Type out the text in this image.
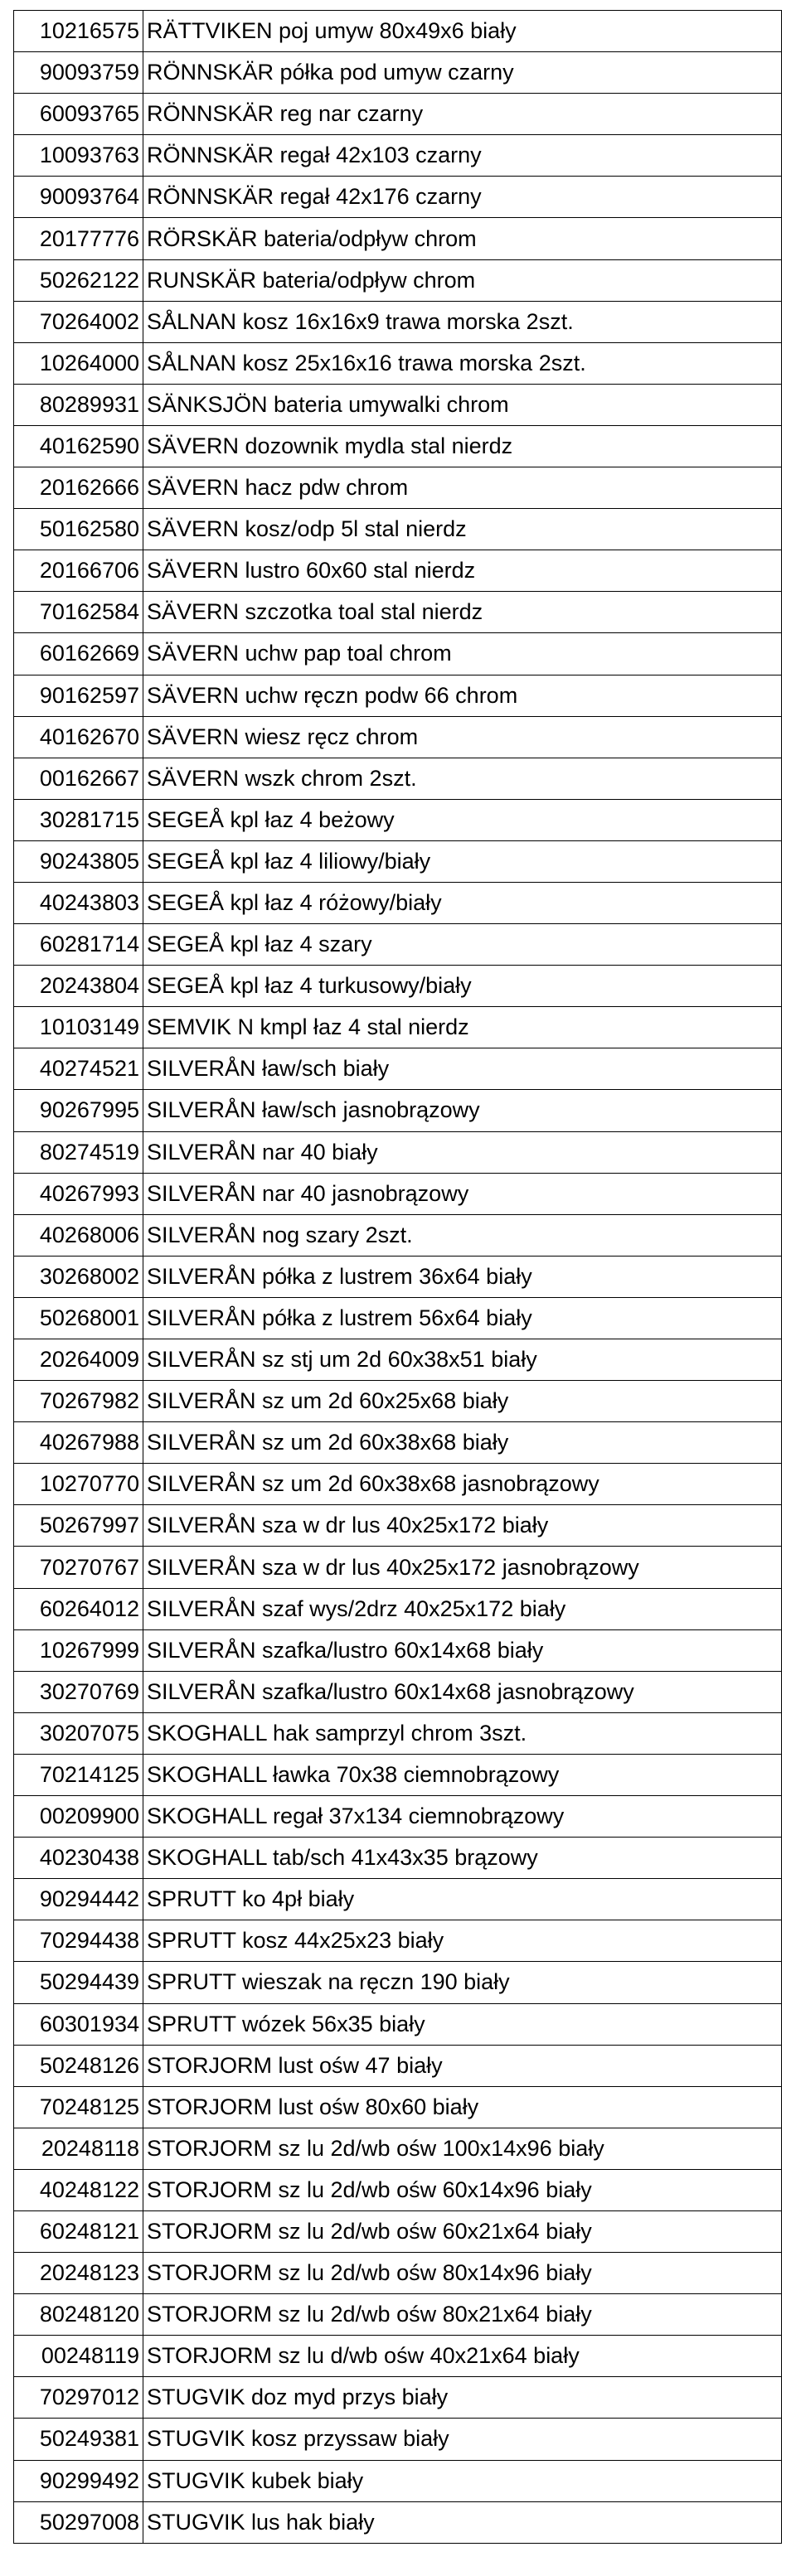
10216575	RÄTTVIKEN poj umyw 80x49x6 biały
90093759	RÖNNSKÄR półka pod umyw czarny
60093765	RÖNNSKÄR reg nar czarny
10093763	RÖNNSKÄR regał 42x103 czarny
90093764	RÖNNSKÄR regał 42x176 czarny
20177776	RÖRSKÄR bateria/odpływ chrom
50262122	RUNSKÄR bateria/odpływ chrom
70264002	SÅLNAN kosz 16x16x9 trawa morska 2szt.
10264000	SÅLNAN kosz 25x16x16 trawa morska 2szt.
80289931	SÄNKSJÖN bateria umywalki chrom
40162590	SÄVERN dozownik mydla stal nierdz
20162666	SÄVERN hacz pdw chrom
50162580	SÄVERN kosz/odp 5l stal nierdz
20166706	SÄVERN lustro 60x60 stal nierdz
70162584	SÄVERN szczotka toal stal nierdz
60162669	SÄVERN uchw pap toal chrom
90162597	SÄVERN uchw ręczn podw 66 chrom
40162670	SÄVERN wiesz ręcz chrom
00162667	SÄVERN wszk chrom 2szt.
30281715	SEGEÅ kpl łaz 4 beżowy
90243805	SEGEÅ kpl łaz 4 liliowy/biały
40243803	SEGEÅ kpl łaz 4 różowy/biały
60281714	SEGEÅ kpl łaz 4 szary
20243804	SEGEÅ kpl łaz 4 turkusowy/biały
10103149	SEMVIK N kmpl łaz 4 stal nierdz
40274521	SILVERÅN ław/sch biały
90267995	SILVERÅN ław/sch jasnobrązowy
80274519	SILVERÅN nar 40 biały
40267993	SILVERÅN nar 40 jasnobrązowy
40268006	SILVERÅN nog szary 2szt.
30268002	SILVERÅN półka z lustrem 36x64 biały
50268001	SILVERÅN półka z lustrem 56x64 biały
20264009	SILVERÅN sz stj um 2d 60x38x51 biały
70267982	SILVERÅN sz um 2d 60x25x68 biały
40267988	SILVERÅN sz um 2d 60x38x68 biały
10270770	SILVERÅN sz um 2d 60x38x68 jasnobrązowy
50267997	SILVERÅN sza w dr lus 40x25x172 biały
70270767	SILVERÅN sza w dr lus 40x25x172 jasnobrązowy
60264012	SILVERÅN szaf wys/2drz 40x25x172 biały
10267999	SILVERÅN szafka/lustro 60x14x68 biały
30270769	SILVERÅN szafka/lustro 60x14x68 jasnobrązowy
30207075	SKOGHALL hak samprzyl chrom 3szt.
70214125	SKOGHALL ławka 70x38 ciemnobrązowy
00209900	SKOGHALL regał 37x134 ciemnobrązowy
40230438	SKOGHALL tab/sch 41x43x35 brązowy
90294442	SPRUTT ko 4pł biały
70294438	SPRUTT kosz 44x25x23 biały
50294439	SPRUTT wieszak na ręczn 190 biały
60301934	SPRUTT wózek 56x35 biały
50248126	STORJORM lust ośw 47 biały
70248125	STORJORM lust ośw 80x60 biały
20248118	STORJORM sz lu 2d/wb ośw 100x14x96 biały
40248122	STORJORM sz lu 2d/wb ośw 60x14x96 biały
60248121	STORJORM sz lu 2d/wb ośw 60x21x64 biały
20248123	STORJORM sz lu 2d/wb ośw 80x14x96 biały
80248120	STORJORM sz lu 2d/wb ośw 80x21x64 biały
00248119	STORJORM sz lu d/wb ośw 40x21x64 biały
70297012	STUGVIK doz myd przys biały
50249381	STUGVIK kosz przyssaw biały
90299492	STUGVIK kubek biały
50297008	STUGVIK lus hak biały
